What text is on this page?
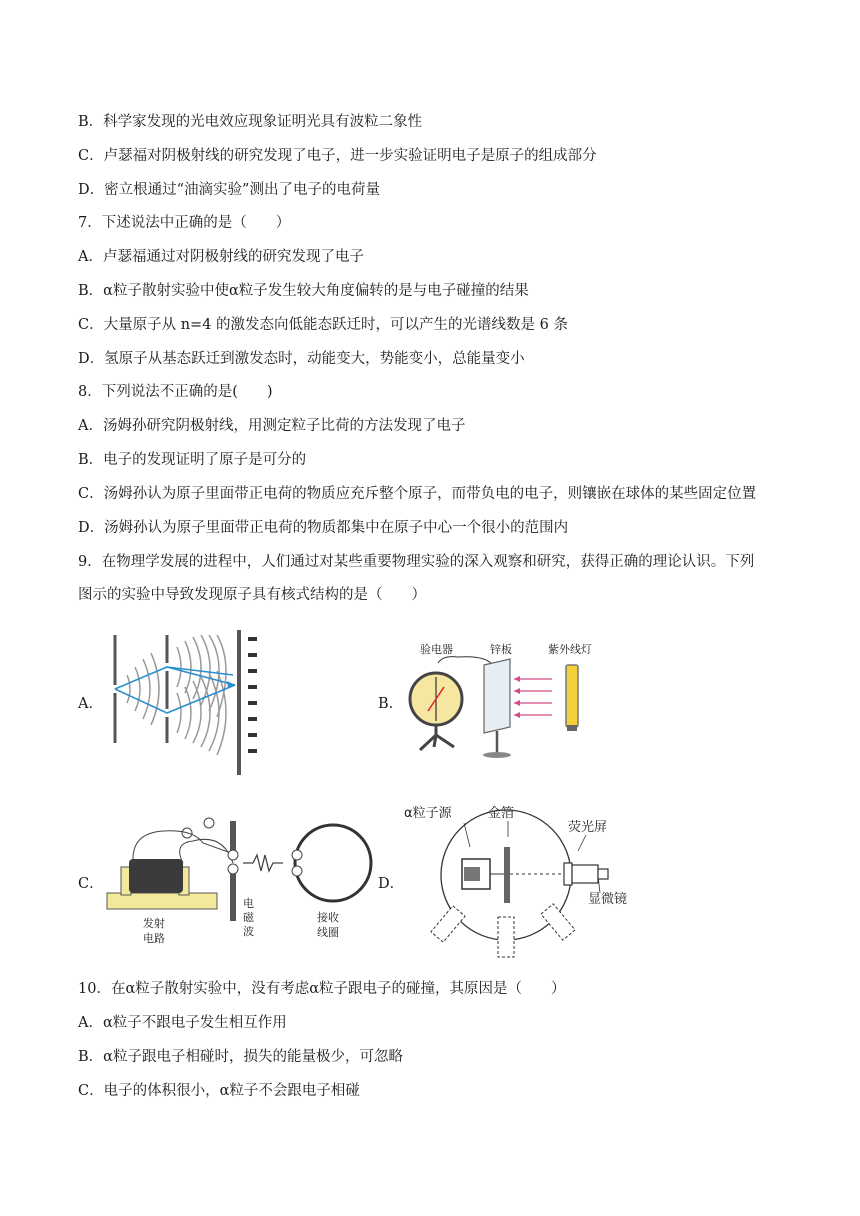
B．科学家发现的光电效应现象证明光具有波粒二象性
C．卢瑟福对阴极射线的研究发现了电子，进一步实验证明电子是原子的组成部分
D．密立根通过“油滴实验”测出了电子的电荷量
7．下述说法中正确的是（　　）
A．卢瑟福通过对阴极射线的研究发现了电子
B．α粒子散射实验中使α粒子发生较大角度偏转的是与电子碰撞的结果
C．大量原子从 n=4 的激发态向低能态跃迁时，可以产生的光谱线数是 6 条
D．氢原子从基态跃迁到激发态时，动能变大，势能变小，总能量变小
8．下列说法不正确的是(　　)
A．汤姆孙研究阴极射线，用测定粒子比荷的方法发现了电子
B．电子的发现证明了原子是可分的
C．汤姆孙认为原子里面带正电荷的物质应充斥整个原子，而带负电的电子，则镶嵌在球体的某些固定位置
D．汤姆孙认为原子里面带正电荷的物质都集中在原子中心一个很小的范围内
9．在物理学发展的进程中，人们通过对某些重要物理实验的深入观察和研究，获得正确的理论认识。下列
图示的实验中导致发现原子具有核式结构的是（　　）
10．在α粒子散射实验中，没有考虑α粒子跟电子的碰撞，其原因是（　　）
A．α粒子不跟电子发生相互作用
B．α粒子跟电子相碰时，损失的能量极少，可忽略
C．电子的体积很小，α粒子不会跟电子相碰
A．	B．
C．	D．
验电器	锌板	紫外线灯
发射
电路
电
磁
波
接收
线圈
α粒子源	金箔
荧光屏
显微镜
